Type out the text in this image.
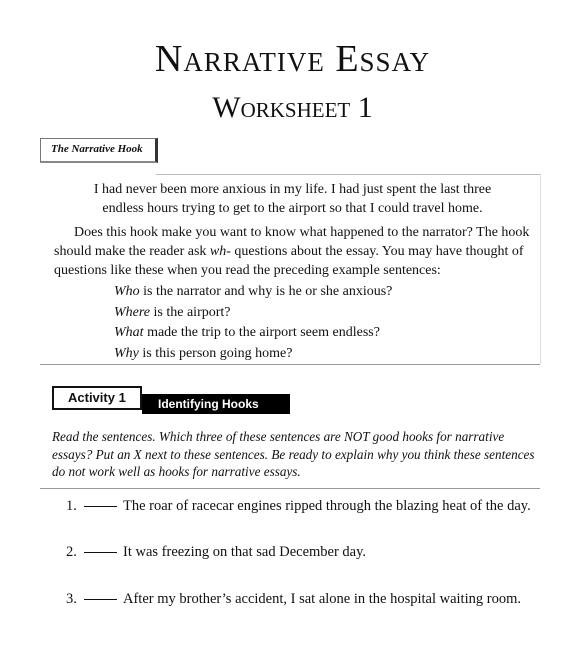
Narrative Essay
Worksheet 1
The Narrative Hook
I had never been more anxious in my life. I had just spent the last three
endless hours trying to get to the airport so that I could travel home.
Does this hook make you want to know what happened to the narrator? The hook should make the reader ask wh- questions about the essay. You may have thought of questions like these when you read the preceding example sentences:
Who is the narrator and why is he or she anxious?
Where is the airport?
What made the trip to the airport seem endless?
Why is this person going home?
Activity 1	Identifying Hooks
Read the sentences. Which three of these sentences are NOT good hooks for narrative essays? Put an X next to these sentences. Be ready to explain why you think these sentences do not work well as hooks for narrative essays.
1.	The roar of racecar engines ripped through the blazing heat of the day.
2.	It was freezing on that sad December day.
3.	After my brother’s accident, I sat alone in the hospital waiting room.
